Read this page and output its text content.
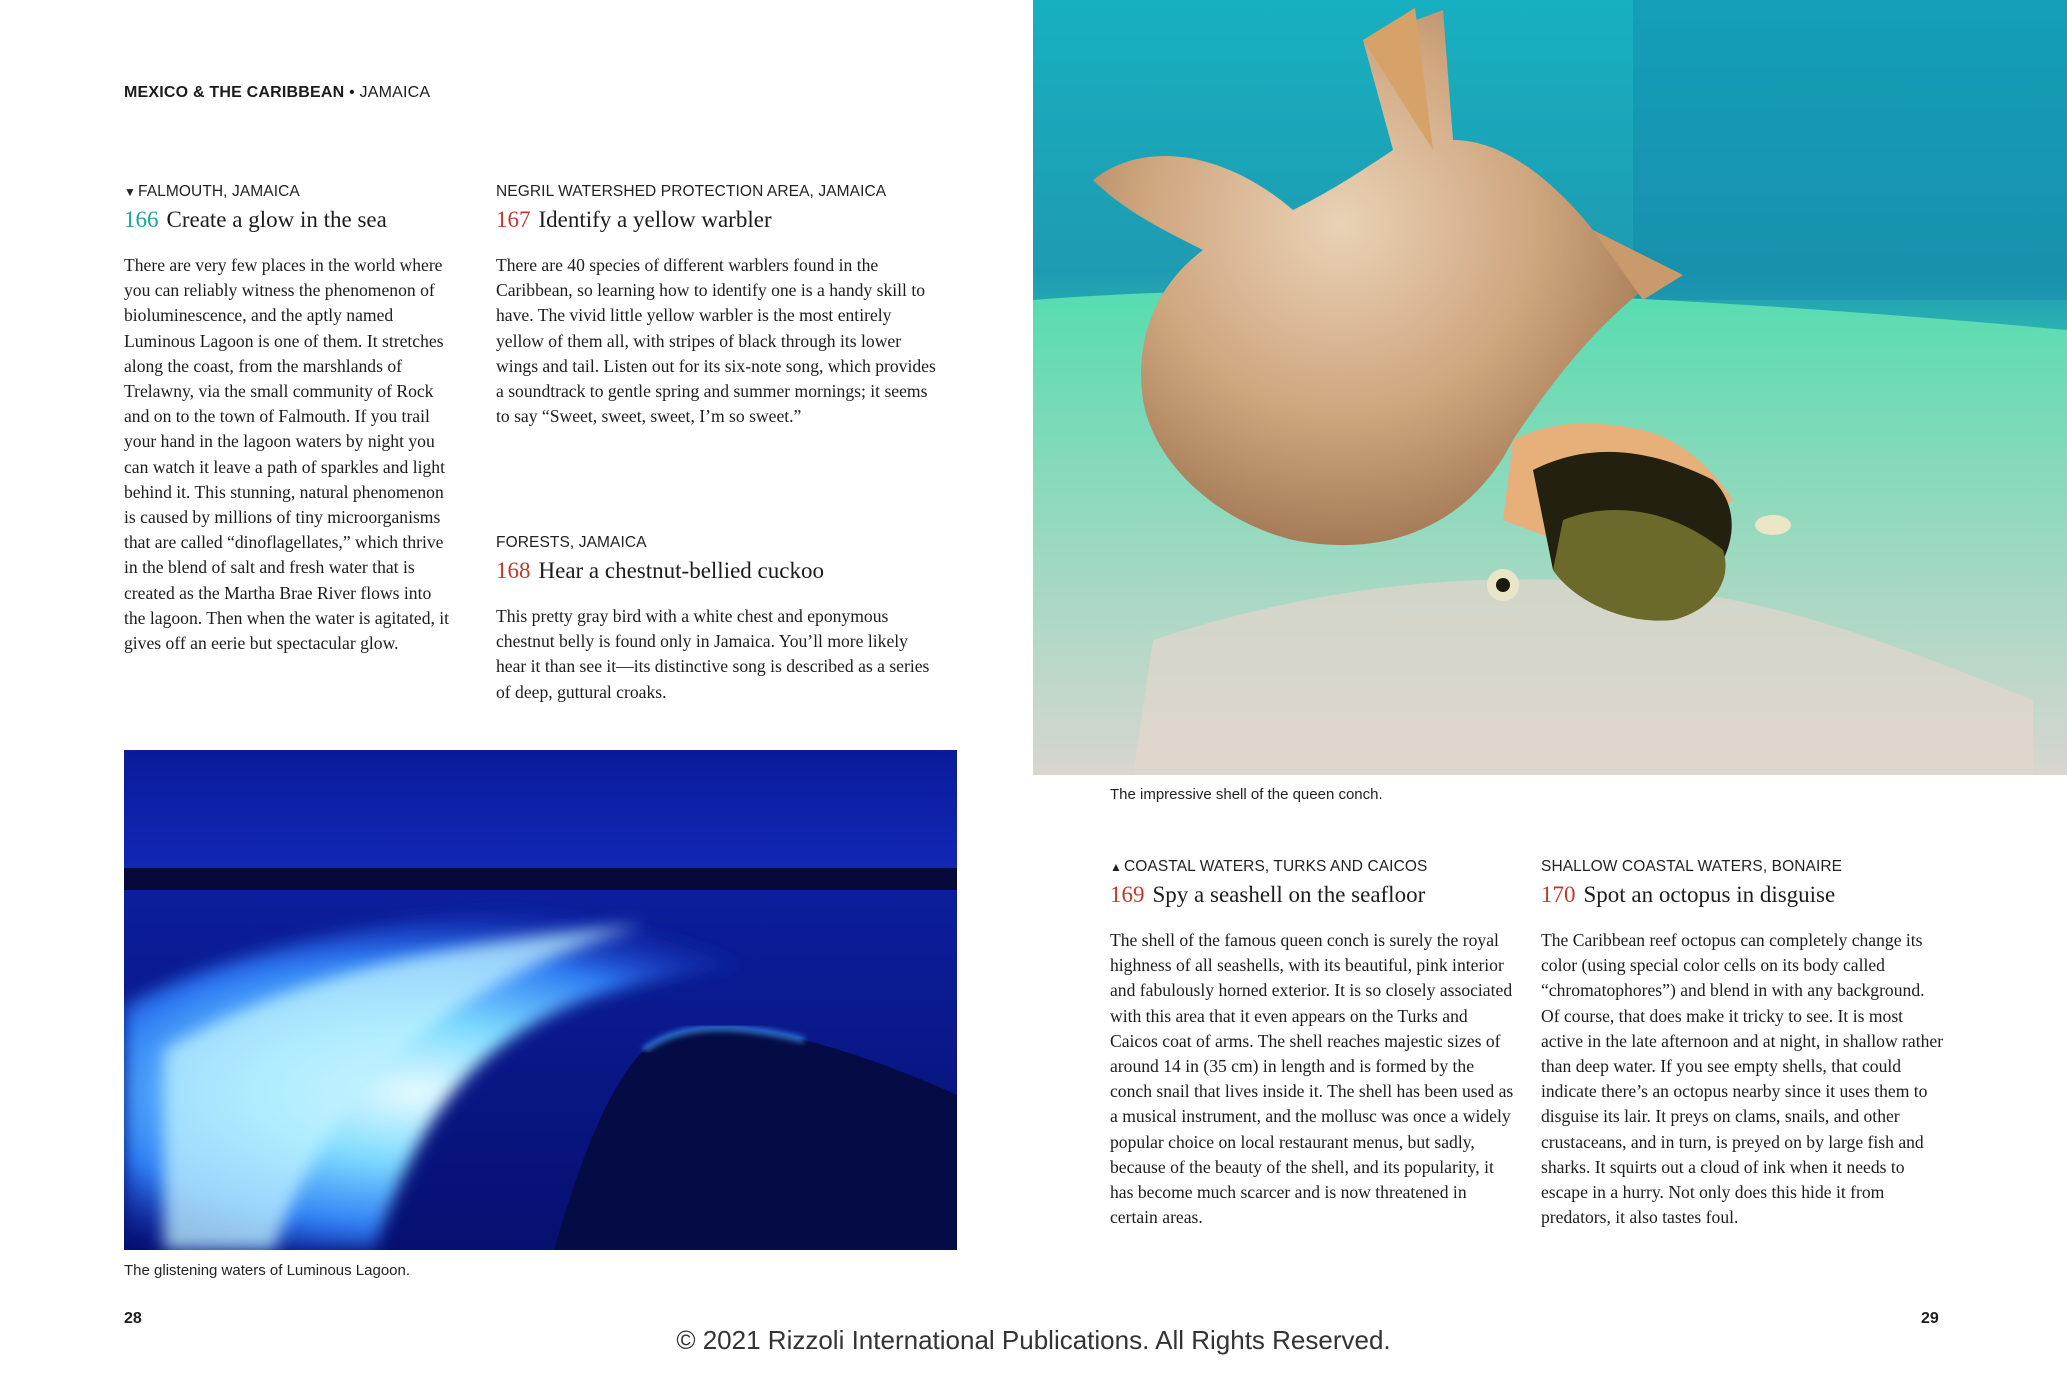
MEXICO & THE CARIBBEAN • JAMAICA
▼ FALMOUTH, JAMAICA
166 Create a glow in the sea
There are very few places in the world where you can reliably witness the phenomenon of bioluminescence, and the aptly named Luminous Lagoon is one of them. It stretches along the coast, from the marshlands of Trelawny, via the small community of Rock and on to the town of Falmouth. If you trail your hand in the lagoon waters by night you can watch it leave a path of sparkles and light behind it. This stunning, natural phenomenon is caused by millions of tiny microorganisms that are called “dinoflagellates,” which thrive in the blend of salt and fresh water that is created as the Martha Brae River flows into the lagoon. Then when the water is agitated, it gives off an eerie but spectacular glow.
NEGRIL WATERSHED PROTECTION AREA, JAMAICA
167 Identify a yellow warbler
There are 40 species of different warblers found in the Caribbean, so learning how to identify one is a handy skill to have. The vivid little yellow warbler is the most entirely yellow of them all, with stripes of black through its lower wings and tail. Listen out for its six-note song, which provides a soundtrack to gentle spring and summer mornings; it seems to say “Sweet, sweet, sweet, I’m so sweet.”
FORESTS, JAMAICA
168 Hear a chestnut-bellied cuckoo
This pretty gray bird with a white chest and eponymous chestnut belly is found only in Jamaica. You’ll more likely hear it than see it—its distinctive song is described as a series of deep, guttural croaks.
The glistening waters of Luminous Lagoon.
The impressive shell of the queen conch.
▲ COASTAL WATERS, TURKS AND CAICOS
169 Spy a seashell on the seafloor
The shell of the famous queen conch is surely the royal highness of all seashells, with its beautiful, pink interior and fabulously horned exterior. It is so closely associated with this area that it even appears on the Turks and Caicos coat of arms. The shell reaches majestic sizes of around 14 in (35 cm) in length and is formed by the conch snail that lives inside it. The shell has been used as a musical instrument, and the mollusc was once a widely popular choice on local restaurant menus, but sadly, because of the beauty of the shell, and its popularity, it has become much scarcer and is now threatened in certain areas.
SHALLOW COASTAL WATERS, BONAIRE
170 Spot an octopus in disguise
The Caribbean reef octopus can completely change its color (using special color cells on its body called “chromatophores”) and blend in with any background. Of course, that does make it tricky to see. It is most active in the late afternoon and at night, in shallow rather than deep water. If you see empty shells, that could indicate there’s an octopus nearby since it uses them to disguise its lair. It preys on clams, snails, and other crustaceans, and in turn, is preyed on by large fish and sharks. It squirts out a cloud of ink when it needs to escape in a hurry. Not only does this hide it from predators, it also tastes foul.
28	29
© 2021 Rizzoli International Publications. All Rights Reserved.
